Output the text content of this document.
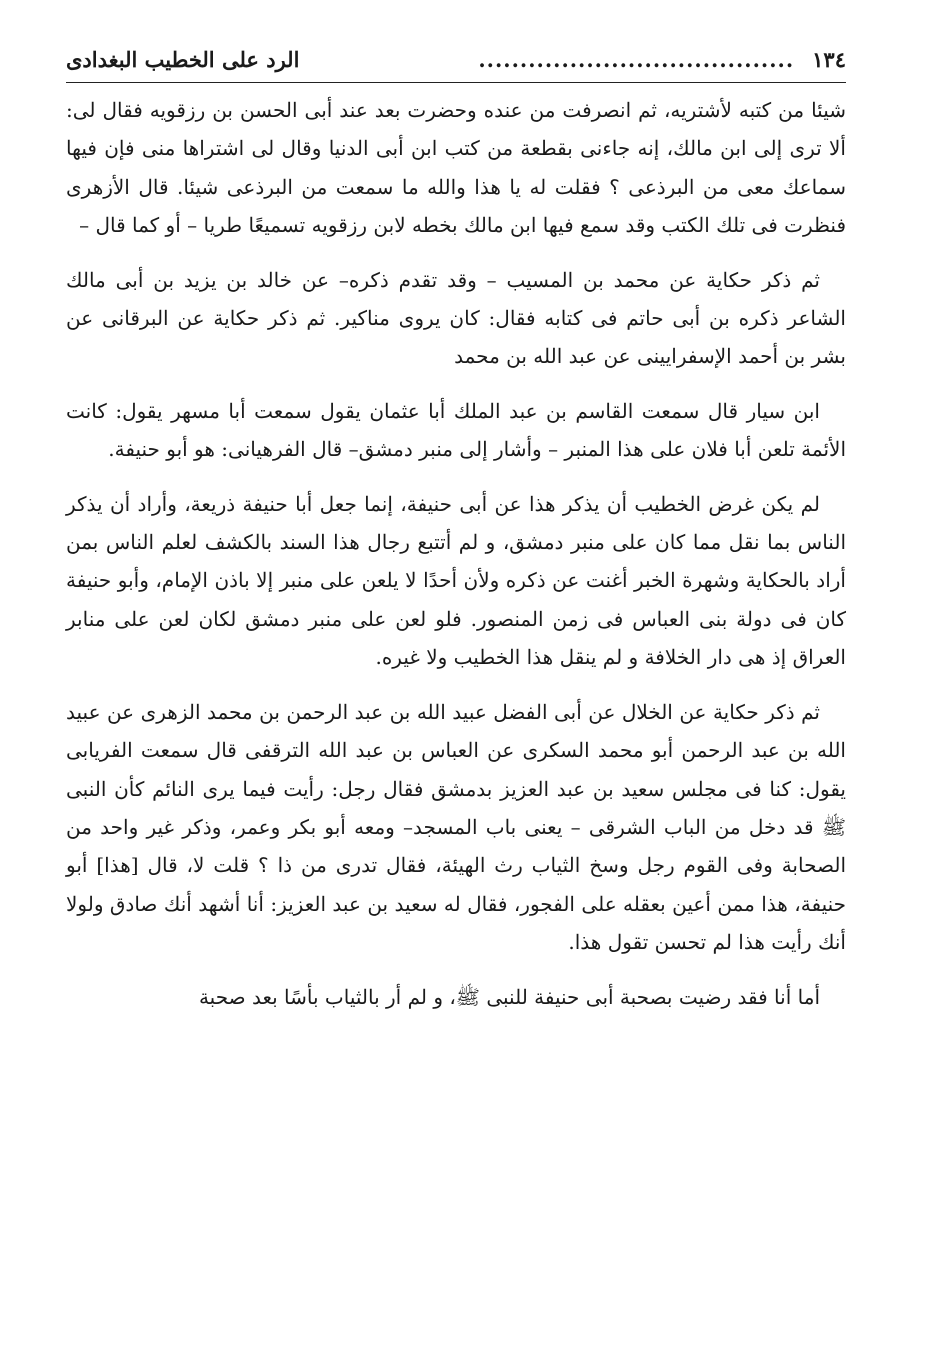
١٣٤
......................................
الرد على الخطيب البغدادى

شيئا من كتبه لأشتريه، ثم انصرفت من عنده وحضرت بعد عند أبى الحسن بن رزقويه فقال لى: ألا ترى إلى ابن مالك، إنه جاءنى بقطعة من كتب ابن أبى الدنيا وقال لى اشتراها منى فإن فيها سماعك معى من البرذعى ؟ فقلت له يا هذا والله ما سمعت من البرذعى شيئا. قال الأزهرى فنظرت فى تلك الكتب وقد سمع فيها ابن مالك بخطه لابن رزقويه تسميعًا طريا – أو كما قال –

ثم ذكر حكاية عن محمد بن المسيب – وقد تقدم ذكره– عن خالد بن يزيد بن أبى مالك الشاعر ذكره بن أبى حاتم فى كتابه فقال: كان يروى مناكير. ثم ذكر حكاية عن البرقانى عن بشر بن أحمد الإسفرايينى عن عبد الله بن محمد

ابن سيار قال سمعت القاسم بن عبد الملك أبا عثمان يقول سمعت أبا مسهر يقول: كانت الأئمة تلعن أبا فلان على هذا المنبر – وأشار إلى منبر دمشق– قال الفرهيانى: هو أبو حنيفة.

لم يكن غرض الخطيب أن يذكر هذا عن أبى حنيفة، إنما جعل أبا حنيفة ذريعة، وأراد أن يذكر الناس بما نقل مما كان على منبر دمشق، و لم أتتبع رجال هذا السند بالكشف لعلم الناس بمن أراد بالحكاية وشهرة الخبر أغنت عن ذكره ولأن أحدًا لا يلعن على منبر إلا باذن الإمام، وأبو حنيفة كان فى دولة بنى العباس فى زمن المنصور. فلو لعن على منبر دمشق لكان لعن على منابر العراق إذ هى دار الخلافة و لم ينقل هذا الخطيب ولا غيره.

ثم ذكر حكاية عن الخلال عن أبى الفضل عبيد الله بن عبد الرحمن بن محمد الزهرى عن عبيد الله بن عبد الرحمن أبو محمد السكرى عن العباس بن عبد الله الترقفى قال سمعت الفريابى يقول: كنا فى مجلس سعيد بن عبد العزيز بدمشق فقال رجل: رأيت فيما يرى النائم كأن النبى ﷺ قد دخل من الباب الشرقى – يعنى باب المسجد– ومعه أبو بكر وعمر، وذكر غير واحد من الصحابة وفى القوم رجل وسخ الثياب رث الهيئة، فقال تدرى من ذا ؟ قلت لا، قال [هذا] أبو حنيفة، هذا ممن أعين بعقله على الفجور، فقال له سعيد بن عبد العزيز: أنا أشهد أنك صادق ولولا أنك رأيت هذا لم تحسن تقول هذا.

أما أنا فقد رضيت بصحبة أبى حنيفة للنبى ﷺ، و لم أر بالثياب بأسًا بعد صحبة
